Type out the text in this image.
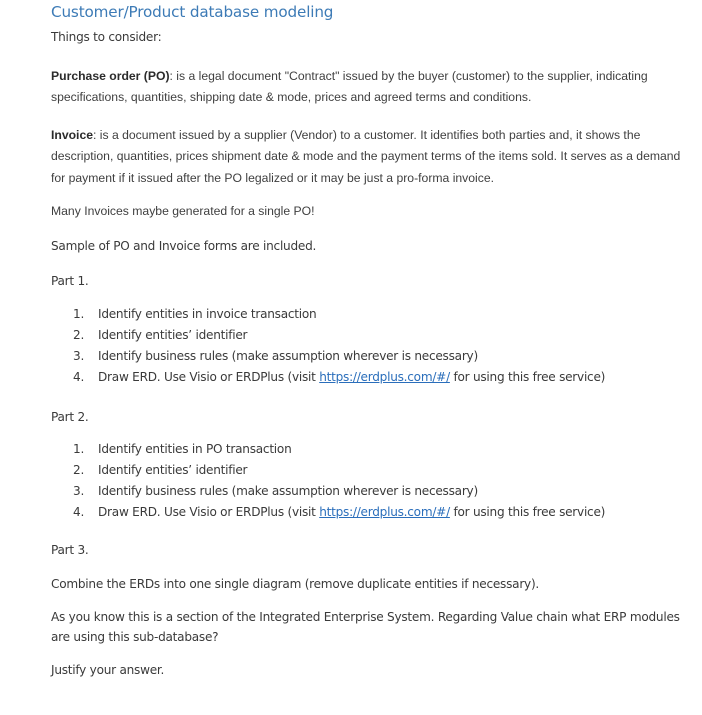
Customer/Product database modeling

Things to consider:

Purchase order (PO): is a legal document "Contract" issued by the buyer (customer) to the supplier, indicating specifications, quantities, shipping date & mode, prices and agreed terms and conditions.

Invoice: is a document issued by a supplier (Vendor) to a customer. It identifies both parties and, it shows the description, quantities, prices shipment date & mode and the payment terms of the items sold. It serves as a demand for payment if it issued after the PO legalized or it may be just a pro-forma invoice.

Many Invoices maybe generated for a single PO!

Sample of PO and Invoice forms are included.

Part 1.

1.	Identify entities in invoice transaction
2.	Identify entities’ identifier
3.	Identify business rules (make assumption wherever is necessary)
4.	Draw ERD. Use Visio or ERDPlus (visit https://erdplus.com/#/ for using this free service)

Part 2.

1.	Identify entities in PO transaction
2.	Identify entities’ identifier
3.	Identify business rules (make assumption wherever is necessary)
4.	Draw ERD. Use Visio or ERDPlus (visit https://erdplus.com/#/ for using this free service)

Part 3.

Combine the ERDs into one single diagram (remove duplicate entities if necessary).

As you know this is a section of the Integrated Enterprise System. Regarding Value chain what ERP modules are using this sub-database?

Justify your answer.
